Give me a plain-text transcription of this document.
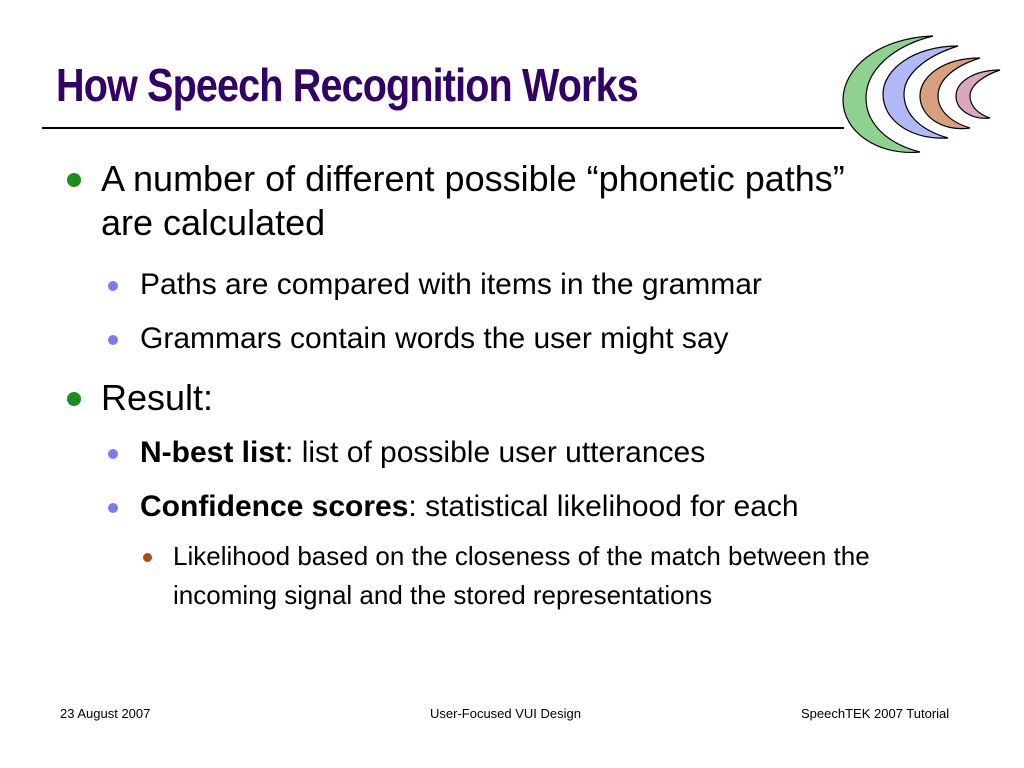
How Speech Recognition Works
A number of different possible “phonetic paths” are calculated
Paths are compared with items in the grammar
Grammars contain words the user might say
Result:
N-best list: list of possible user utterances
Confidence scores: statistical likelihood for each
Likelihood based on the closeness of the match between the incoming signal and the stored representations
23 August 2007	User-Focused VUI Design	SpeechTEK 2007 Tutorial
